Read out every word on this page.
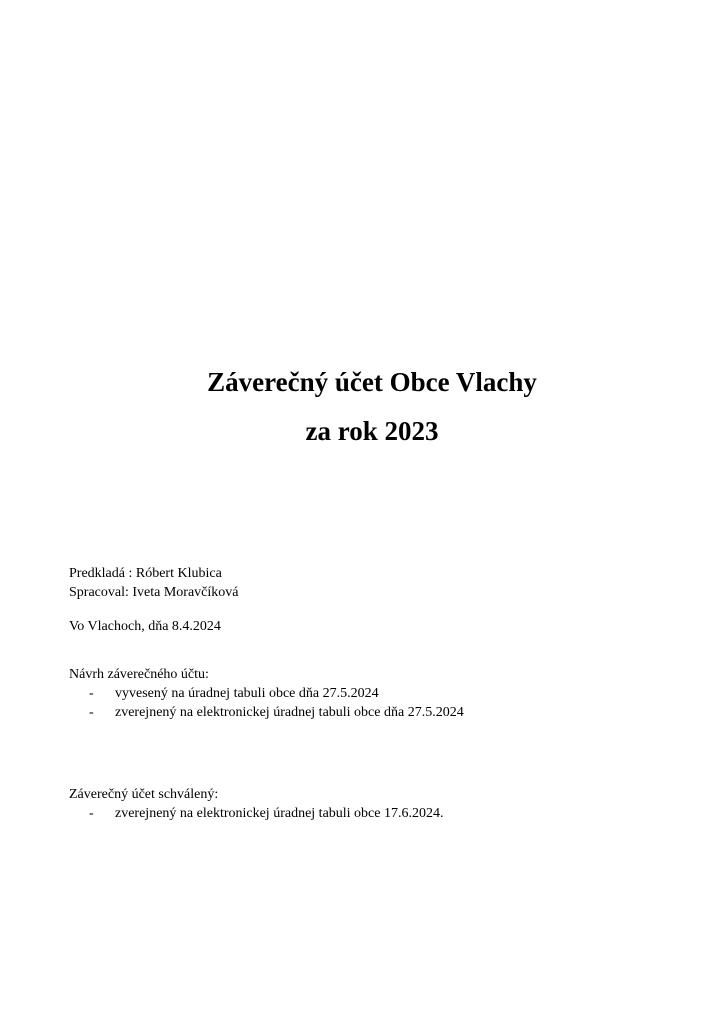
Záverečný účet Obce Vlachy
za rok 2023
Predkladá : Róbert Klubica
Spracoval: Iveta Moravčíková
Vo Vlachoch, dňa 8.4.2024
Návrh záverečného účtu:
- vyvesený na úradnej tabuli obce dňa 27.5.2024
- zverejnený na elektronickej úradnej tabuli obce dňa 27.5.2024
Záverečný účet schválený:
- zverejnený na elektronickej úradnej tabuli obce 17.6.2024.
